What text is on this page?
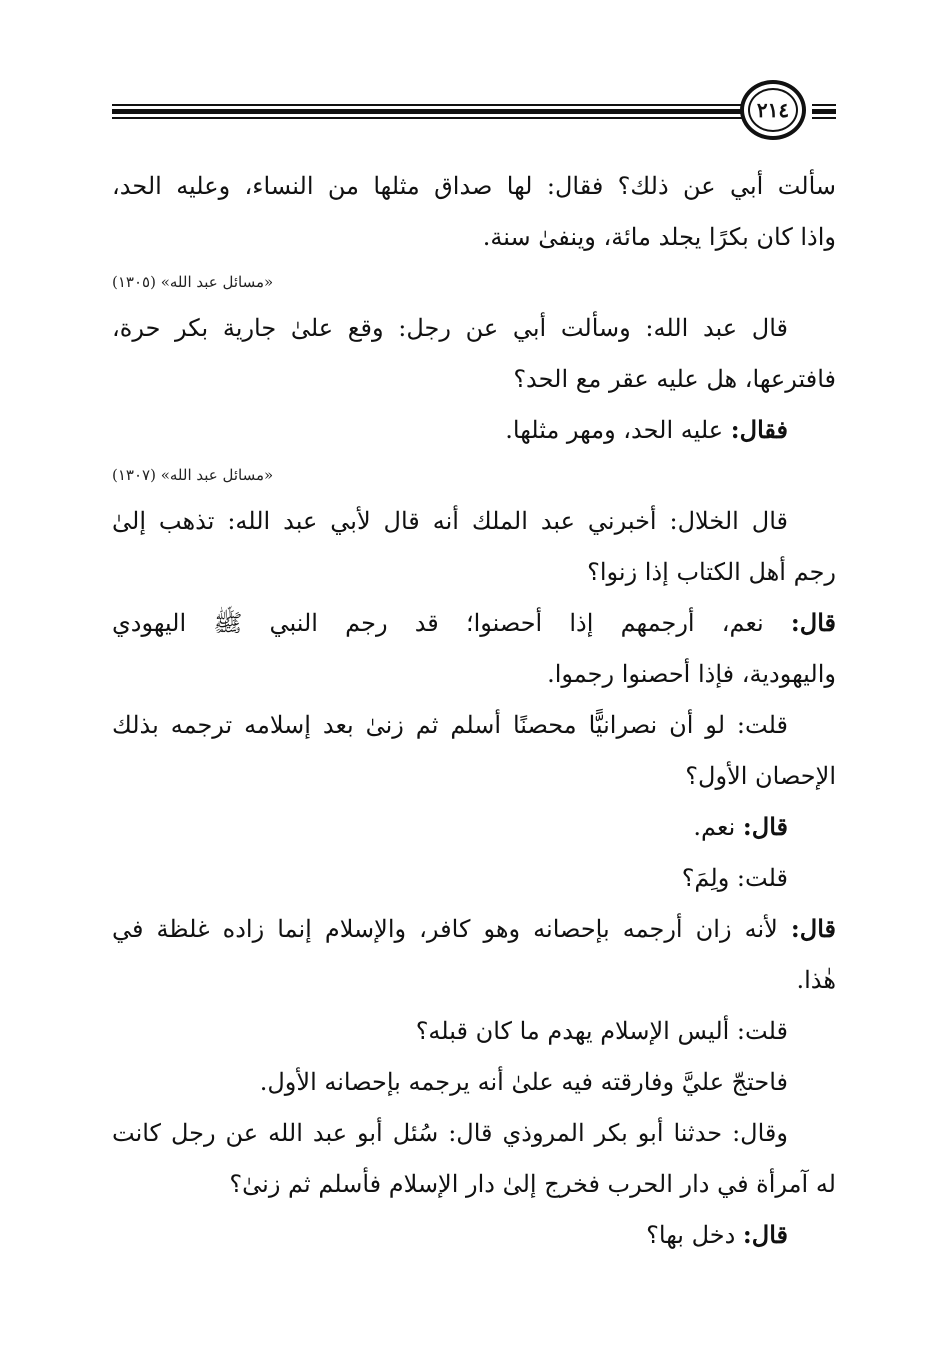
٢١٤
سألت أبي عن ذلك؟ فقال: لها صداق مثلها من النساء، وعليه الحد،
واذا كان بكرًا يجلد مائة، وينفىٰ سنة.
«مسائل عبد الله» (١٣٠٥)
قال عبد الله: وسألت أبي عن رجل: وقع علىٰ جارية بكر حرة،
فافترعها، هل عليه عقر مع الحد؟
فقال: عليه الحد، ومهر مثلها.
«مسائل عبد الله» (١٣٠٧)
قال الخلال: أخبرني عبد الملك أنه قال لأبي عبد الله: تذهب إلىٰ
رجم أهل الكتاب إذا زنوا؟
قال: نعم، أرجمهم إذا أحصنوا؛ قد رجم النبي ﷺ اليهودي
واليهودية، فإذا أحصنوا رجموا.
قلت: لو أن نصرانيًّا محصنًا أسلم ثم زنىٰ بعد إسلامه ترجمه بذلك
الإحصان الأول؟
قال: نعم.
قلت: ولِمَ؟
قال: لأنه زان أرجمه بإحصانه وهو كافر، والإسلام إنما زاده غلظة في
هٰذا.
قلت: أليس الإسلام يهدم ما كان قبله؟
فاحتجّ عليَّ وفارقته فيه علىٰ أنه يرجمه بإحصانه الأول.
وقال: حدثنا أبو بكر المروذي قال: سُئل أبو عبد الله عن رجل كانت
له آمرأة في دار الحرب فخرج إلىٰ دار الإسلام فأسلم ثم زنىٰ؟
قال: دخل بها؟
